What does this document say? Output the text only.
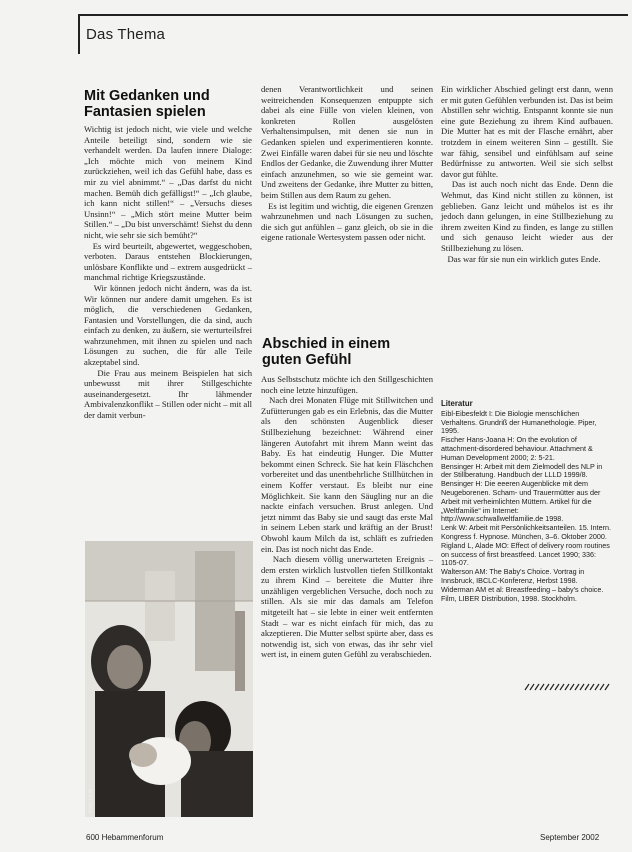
Das Thema
Mit Gedanken und
Fantasien spielen
Wichtig ist jedoch nicht, wie viele und welche Anteile beteiligt sind, sondern wie sie verhandelt werden. Da laufen innere Dialoge: „Ich möchte mich von meinem Kind zurückziehen, weil ich das Gefühl habe, dass es mir zu viel abnimmt.“ – „Das darfst du nicht machen. Bemüh dich gefälligst!“ – „Ich glaube, ich kann nicht stillen!“ – „Versuchs dieses Unsinn!“ – „Mich stört meine Mutter beim Stillen.“ – „Du bist unverschämt! Siehst du denn nicht, wie sehr sie sich bemüht?“
Es wird beurteilt, abgewertet, weggeschoben, verboten. Daraus entstehen Blockierungen, unlösbare Konflikte und – extrem ausgedrückt – manchmal richtige Kriegszustände.
Wir können jedoch nicht ändern, was da ist. Wir können nur andere damit umgehen. Es ist möglich, die verschiedenen Gedanken, Fantasien und Vorstellungen, die da sind, auch einfach zu denken, zu äußern, sie werturteilsfrei wahrzunehmen, mit ihnen zu spielen und nach Lösungen zu suchen, die für alle Teile akzeptabel sind.
Die Frau aus meinem Beispielen hat sich unbewusst mit ihrer Stillgeschichte auseinandergesetzt. Ihr lähmender Ambivalenzkonflikt – Stillen oder nicht – mit all der damit verbun-
Foto: Lenk
denen Verantwortlichkeit und seinen weitreichenden Konsequenzen entpuppte sich dabei als eine Fülle von vielen kleinen, von konkreten Rollen ausgelösten Verhaltensimpulsen, mit denen sie nun in Gedanken spielen und experimentieren konnte. Zwei Einfälle waren dabei für sie neu und löschte Endlos der Gedanke, die Zuwendung ihrer Mutter einfach anzunehmen, so wie sie gemeint war. Und zweitens der Gedanke, ihre Mutter zu bitten, beim Stillen aus dem Raum zu gehen.
Es ist legitim und wichtig, die eigenen Grenzen wahrzunehmen und nach Lösungen zu suchen, die sich gut anfühlen – ganz gleich, ob sie in die eigene rationale Wertesystem passen oder nicht.
Abschied in einem
guten Gefühl
Aus Selbstschutz möchte ich den Stillgeschichten noch eine letzte hinzufügen.
Nach drei Monaten Flüge mit Stillwitchen und Zufütterungen gab es ein Erlebnis, das die Mutter als den schönsten Augenblick dieser Stillbeziehung bezeichnet: Während einer längeren Autofahrt mit ihrem Mann weint das Baby. Es hat eindeutig Hunger. Die Mutter bekommt einen Schreck. Sie hat kein Fläschchen vorbereitet und das unentbehrliche Stillhütchen in einem Koffer verstaut. Es bleibt nur eine Möglichkeit. Sie kann den Säugling nur an die nackte einfach versuchen. Brust anlegen. Und jetzt nimmt das Baby sie und saugt das erste Mal in seinem Leben stark und kräftig an der Brust! Obwohl kaum Milch da ist, schläft es zufrieden ein. Das ist noch nicht das Ende.
Nach diesem völlig unerwarteten Ereignis – dem ersten wirklich lustvollen tiefen Stillkontakt zu ihrem Kind – bereitete die Mutter ihre unzähligen vergeblichen Versuche, doch noch zu stillen. Als sie mir das damals am Telefon mitgeteilt hat – sie lebte in einer weit entfernten Stadt – war es nicht einfach für mich, das zu akzeptieren. Die Mutter selbst spürte aber, dass es notwendig ist, sich von etwas, das ihr sehr viel wert ist, in einem guten Gefühl zu verabschieden.
Ein wirklicher Abschied gelingt erst dann, wenn er mit guten Gefühlen verbunden ist. Das ist beim Abstillen sehr wichtig. Entspannt konnte sie nun eine gute Beziehung zu ihrem Kind aufbauen. Die Mutter hat es mit der Flasche ernährt, aber trotzdem in einem weiteren Sinn – gestillt. Sie war fähig, sensibel und einfühlsam auf seine Bedürfnisse zu antworten. Weil sie sich selbst davor gut fühlte.
Das ist auch noch nicht das Ende. Denn die Wehmut, das Kind nicht stillen zu können, ist geblieben. Ganz leicht und mühelos ist es ihr jedoch dann gelungen, in eine Stillbeziehung zu ihrem zweiten Kind zu finden, es lange zu stillen und sich genauso leicht wieder aus der Stillbeziehung zu lösen.
Das war für sie nun ein wirklich gutes Ende.
Literatur

Eibl-Eibesfeldt I: Die Biologie menschlichen Verhaltens. Grundriß der Humanethologie. Piper, 1995.

Fischer Hans-Joana H: On the evolution of attachment-disordered behaviour. Attachment & Human Development 2000; 2: 5-21.

Bensinger H: Arbeit mit dem Zielmodell des NLP in der Stillberatung. Handbuch der LLLD 1999/8.

Bensinger H: Die eeeren Augenblicke mit dem Neugeborenen. Scham- und Trauermütter aus der Arbeit mit verheimlichten Müttern. Artikel für die „Weltfamilie“ im Internet: http://www.schwallweltfamilie.de 1998.

Lenk W: Arbeit mit Persönlichkeitsanteilen. 15. Intern. Kongress f. Hypnose. München, 3–6. Oktober 2000.

Rigland L, Alade MO: Effect of delivery room routines on success of first breastfeed. Lancet 1990; 336: 1105-07.

Walterson AM: The Baby's Choice. Vortrag in Innsbruck, IBCLC-Konferenz, Herbst 1998.

Widerman AM et al: Breastfeeding – baby's choice. Film, LIBER Distribution, 1998. Stockholm.

600 Hebammenforum	September 2002
